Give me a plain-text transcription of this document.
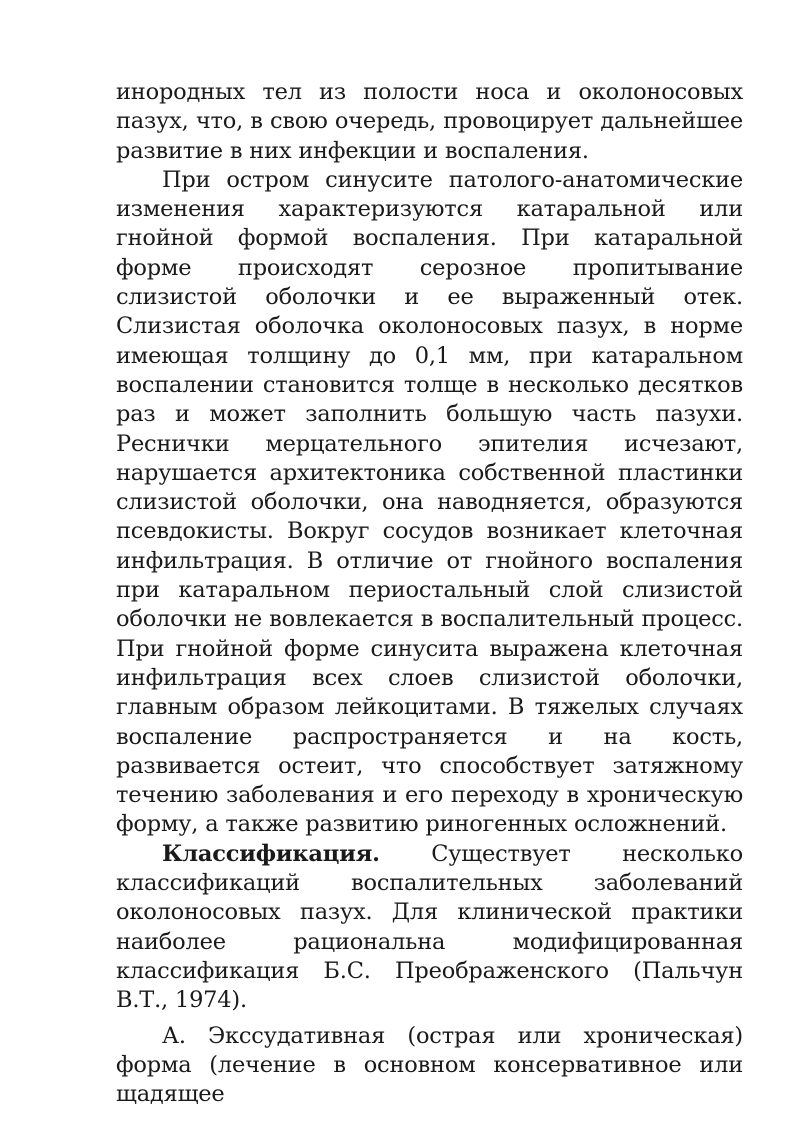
инородных тел из полости носа и околоносовых пазух, что, в свою очередь, провоцирует дальнейшее развитие в них инфекции и воспаления.

При остром синусите патолого-анатомические изменения характеризуются катаральной или гнойной формой воспаления. При катаральной форме происходят серозное пропитывание слизистой оболочки и ее выраженный отек. Слизистая оболочка околоносовых пазух, в норме имеющая толщину до 0,1 мм, при катаральном воспалении становится толще в несколько десятков раз и может заполнить большую часть пазухи. Реснички мерцательного эпителия исчезают, нарушается архитектоника собственной пластинки слизистой оболочки, она наводняется, образуются псевдокисты. Вокруг сосудов возникает клеточная инфильтрация. В отличие от гнойного воспаления при катаральном периостальный слой слизистой оболочки не вовлекается в воспалительный процесс. При гнойной форме синусита выражена клеточная инфильтрация всех слоев слизистой оболочки, главным образом лейкоцитами. В тяжелых случаях воспаление распространяется и на кость, развивается остеит, что способствует затяжному течению заболевания и его переходу в хроническую форму, а также развитию риногенных осложнений.

Классификация. Существует несколько классификаций воспалительных заболеваний околоносовых пазух. Для клинической практики наиболее рациональна модифицированная классификация Б.С. Преображенского (Пальчун В.Т., 1974).

А. Экссудативная (острая или хроническая) форма (лечение в основном консервативное или щадящее
